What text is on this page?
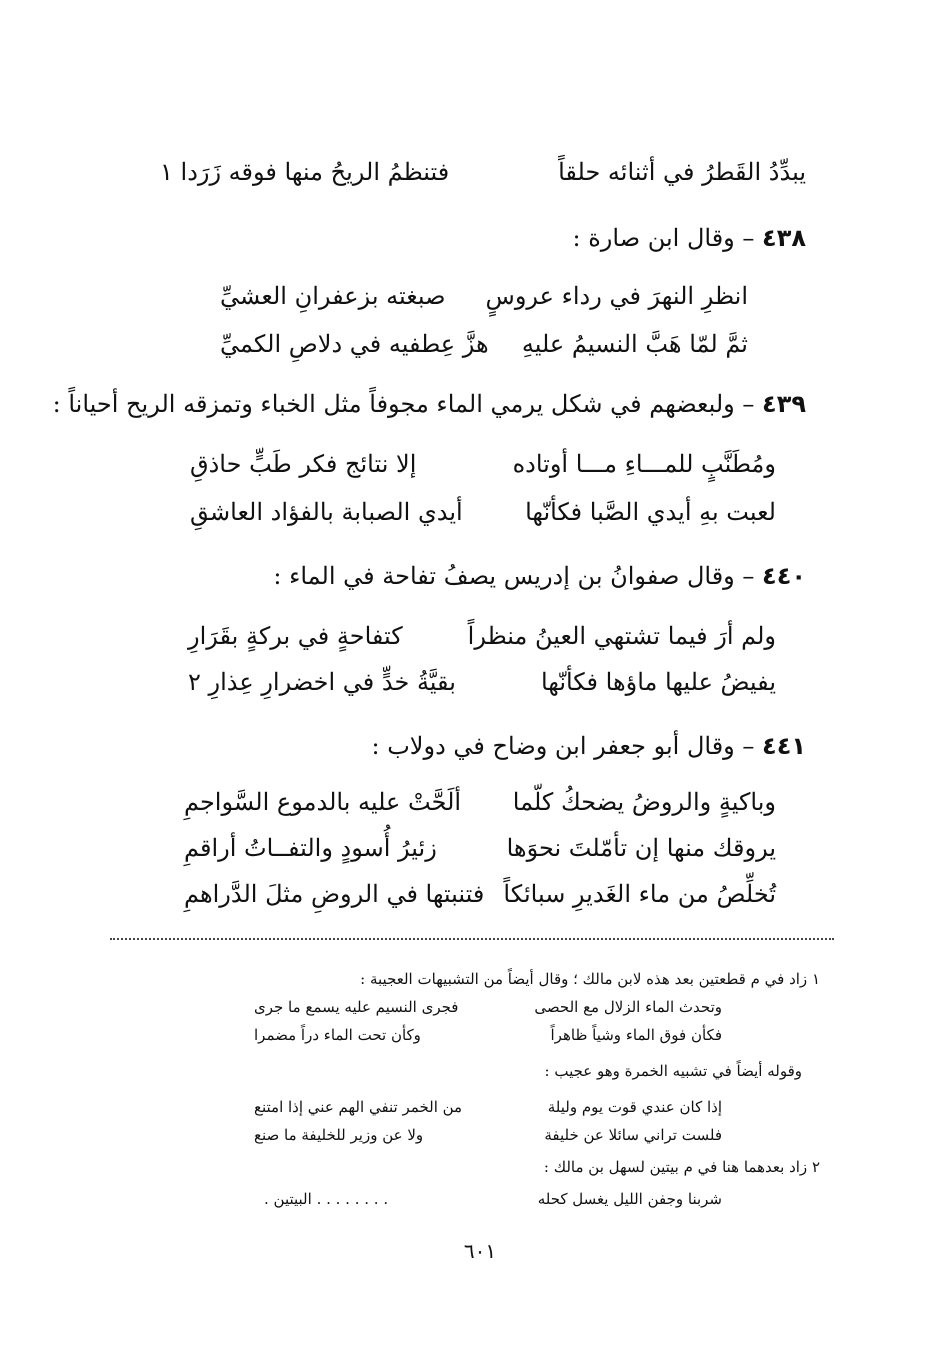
يبدِّدُ القَطرُ في أثنائه حلقاً
فتنظمُ الريحُ منها فوقه زَرَدا ١
٤٣٨ – وقال ابن صارة :
انظرِ النهرَ في رداء عروسٍ
صبغته بزعفرانِ العشيِّ
ثمَّ لمّا هَبَّ النسيمُ عليهِ
هزَّ عِطفيه في دلاصِ الكميِّ
٤٣٩ – ولبعضهم في شكل يرمي الماء مجوفاً مثل الخباء وتمزقه الريح أحياناً :
ومُطَنَّبٍ للمـــاءِ مـــا أوتاده
إلا نتائج فكر طَبٍّ حاذقِ
لعبت بهِ أيدي الصَّبا فكأنّها
أيدي الصبابة بالفؤاد العاشقِ
٤٤٠ – وقال صفوانُ بن إدريس يصفُ تفاحة في الماء :
ولم أرَ فيما تشتهي العينُ منظراً
كتفاحةٍ في بركةٍ بقَرَارِ
يفيضُ عليها ماؤها فكأنّها
بقيَّةُ خدٍّ في اخضرارِ عِذارِ ٢
٤٤١ – وقال أبو جعفر ابن وضاح في دولاب :
وباكيةٍ والروضُ يضحكُ كلّما
ألَحَّتْ عليه بالدموع السَّواجمِ
يروقك منها إن تأمّلتَ نحوَها
زئيرُ أُسودٍ والتفــاتُ أراقمِ
تُخلِّصُ من ماء الغَديرِ سبائكاً
فتنبتها في الروضِ مثلَ الدَّراهمِ
١ زاد في م قطعتين بعد هذه لابن مالك ؛ وقال أيضاً من التشبيهات العجيبة :
وتحدث الماء الزلال مع الحصى
فجرى النسيم عليه يسمع ما جرى
فكأن فوق الماء وشياً ظاهراً
وكأن تحت الماء دراً مضمرا
وقوله أيضاً في تشبيه الخمرة وهو عجيب :
إذا كان عندي قوت يوم وليلة
من الخمر تنفي الهم عني إذا امتنع
فلست تراني سائلا عن خليفة
ولا عن وزير للخليفة ما صنع
٢ زاد بعدهما هنا في م بيتين لسهل بن مالك :
شربنا وجفن الليل يغسل كحله
. . . . . . . . البيتين .
٦٠١
